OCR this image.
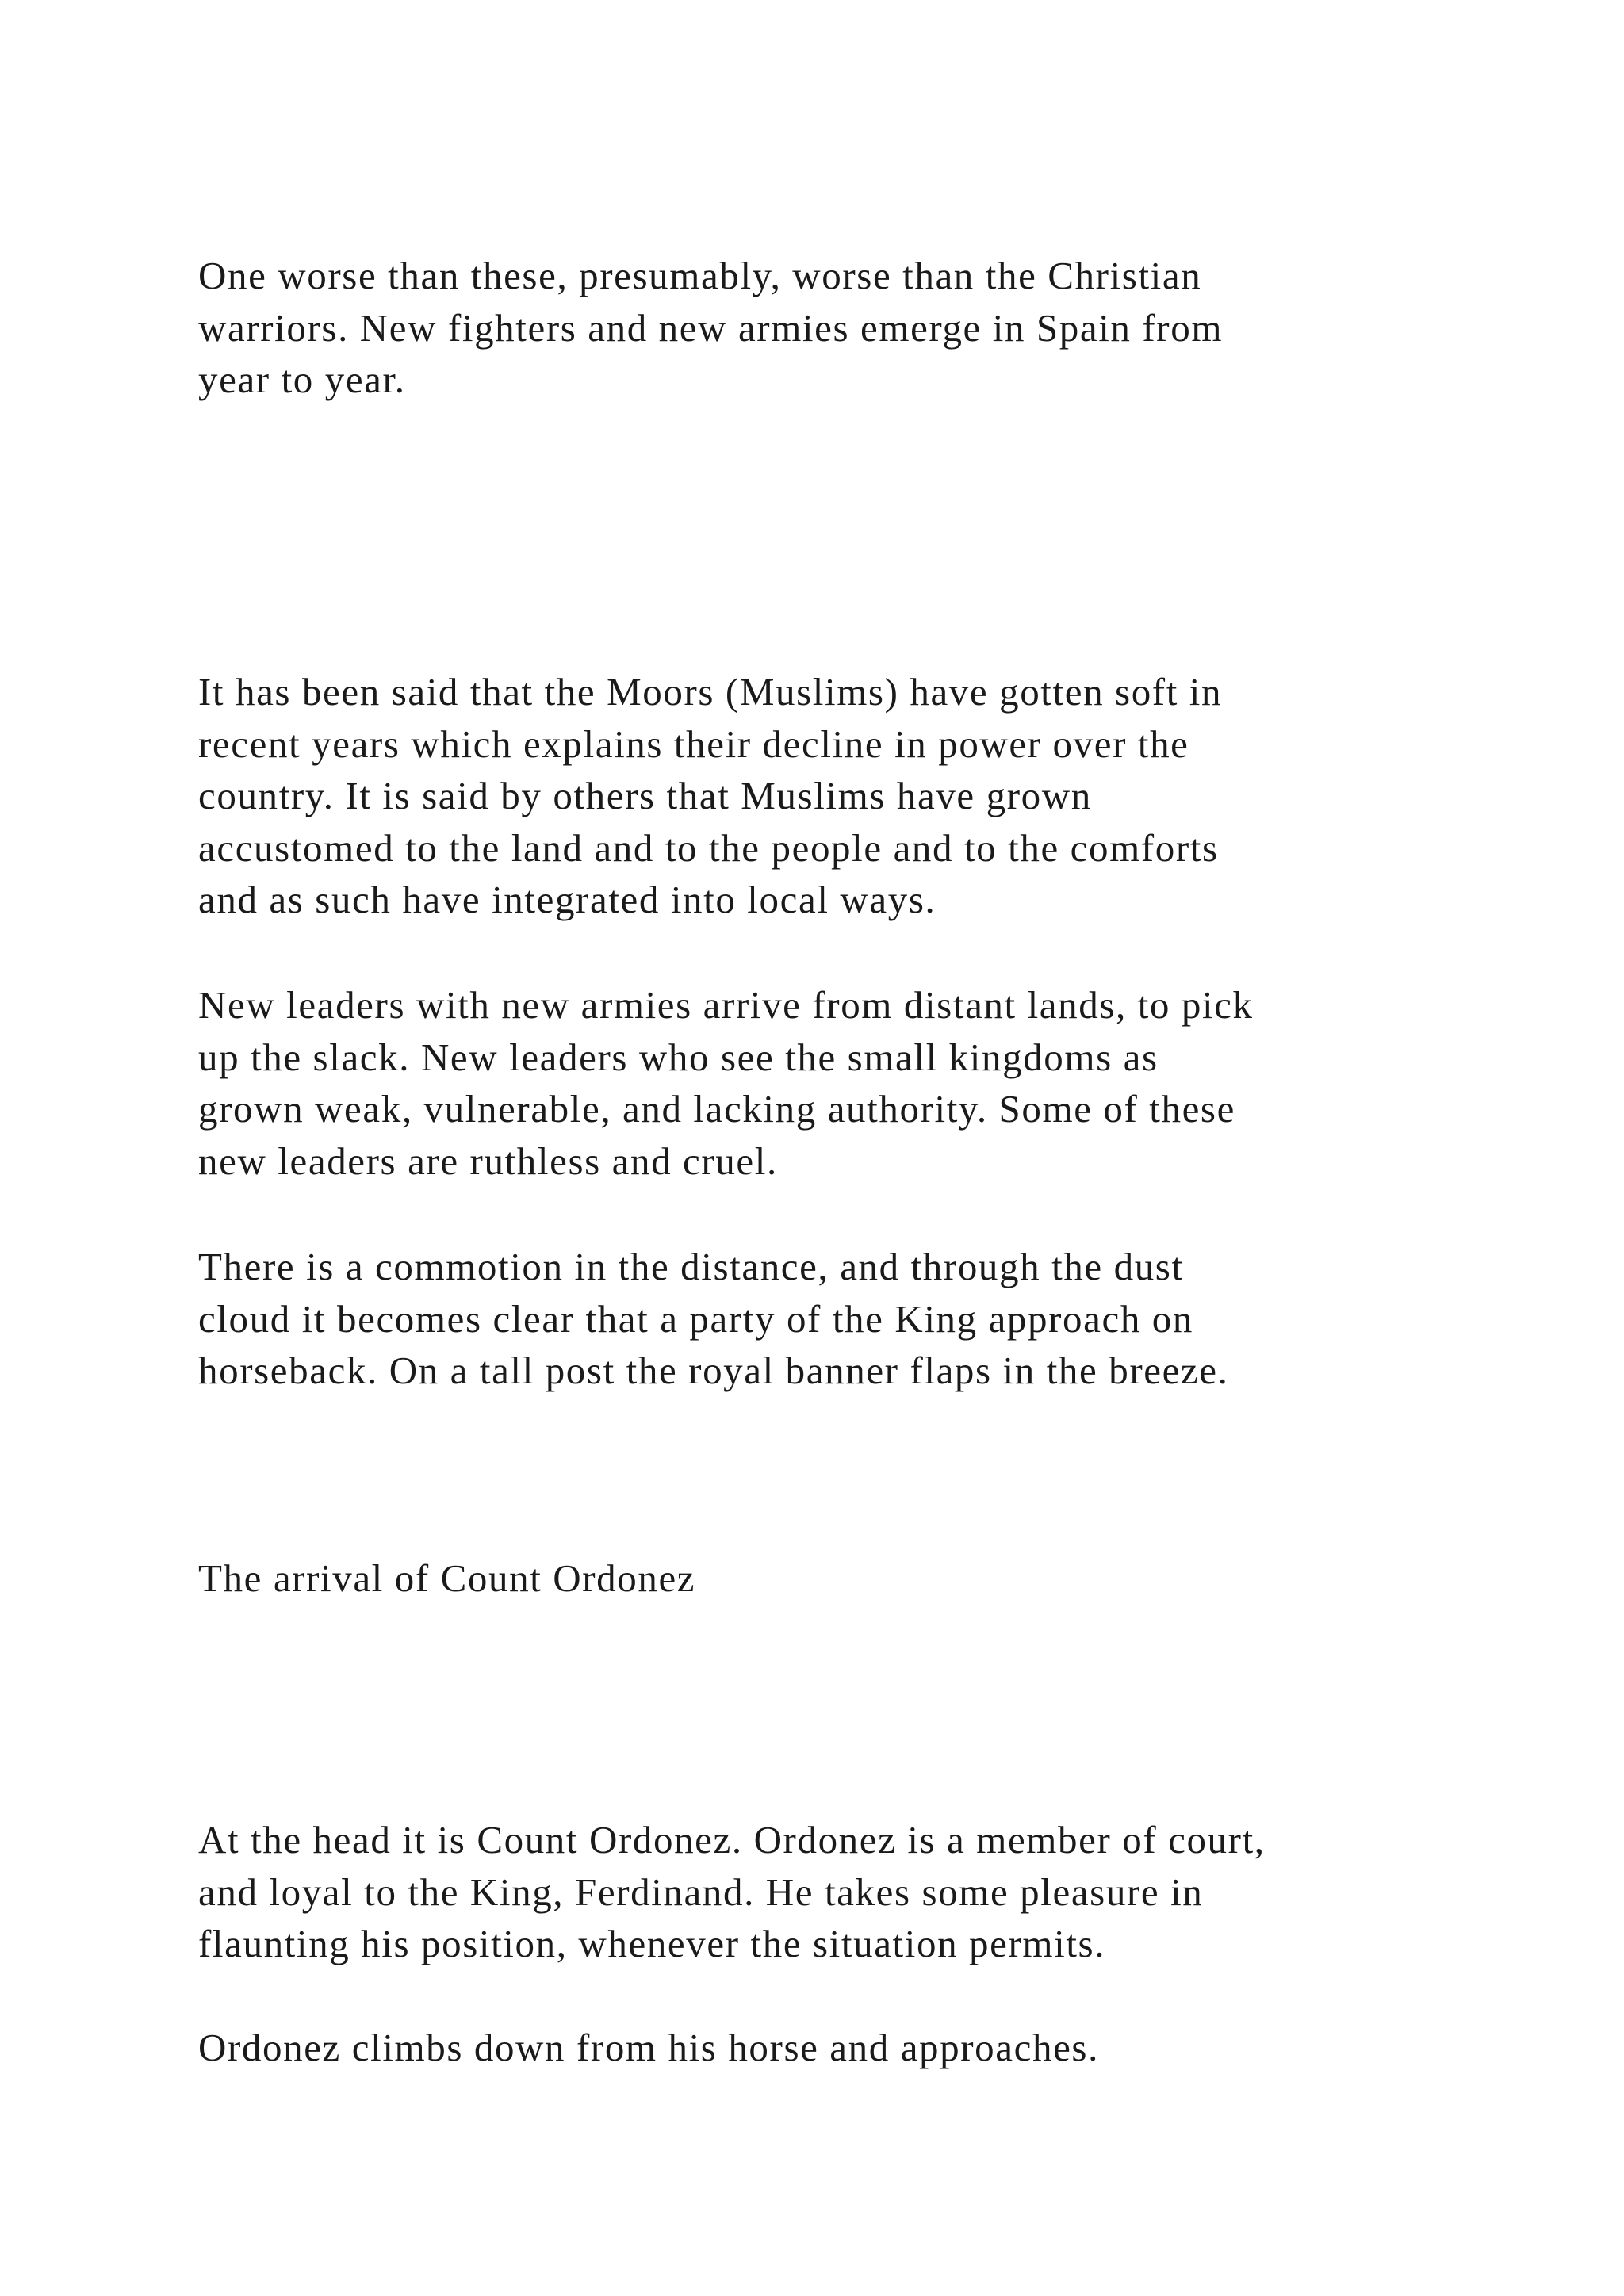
One worse than these, presumably, worse than the Christian
warriors. New fighters and new armies emerge in Spain from
year to year.

It has been said that the Moors (Muslims) have gotten soft in
recent years which explains their decline in power over the
country. It is said by others that Muslims have grown
accustomed to the land and to the people and to the comforts
and as such have integrated into local ways.

New leaders with new armies arrive from distant lands, to pick
up the slack. New leaders who see the small kingdoms as
grown weak, vulnerable, and lacking authority. Some of these
new leaders are ruthless and cruel.

There is a commotion in the distance, and through the dust
cloud it becomes clear that a party of the King approach on
horseback. On a tall post the royal banner flaps in the breeze.

The arrival of Count Ordonez

At the head it is Count Ordonez. Ordonez is a member of court,
and loyal to the King, Ferdinand. He takes some pleasure in
flaunting his position, whenever the situation permits.

Ordonez climbs down from his horse and approaches.
